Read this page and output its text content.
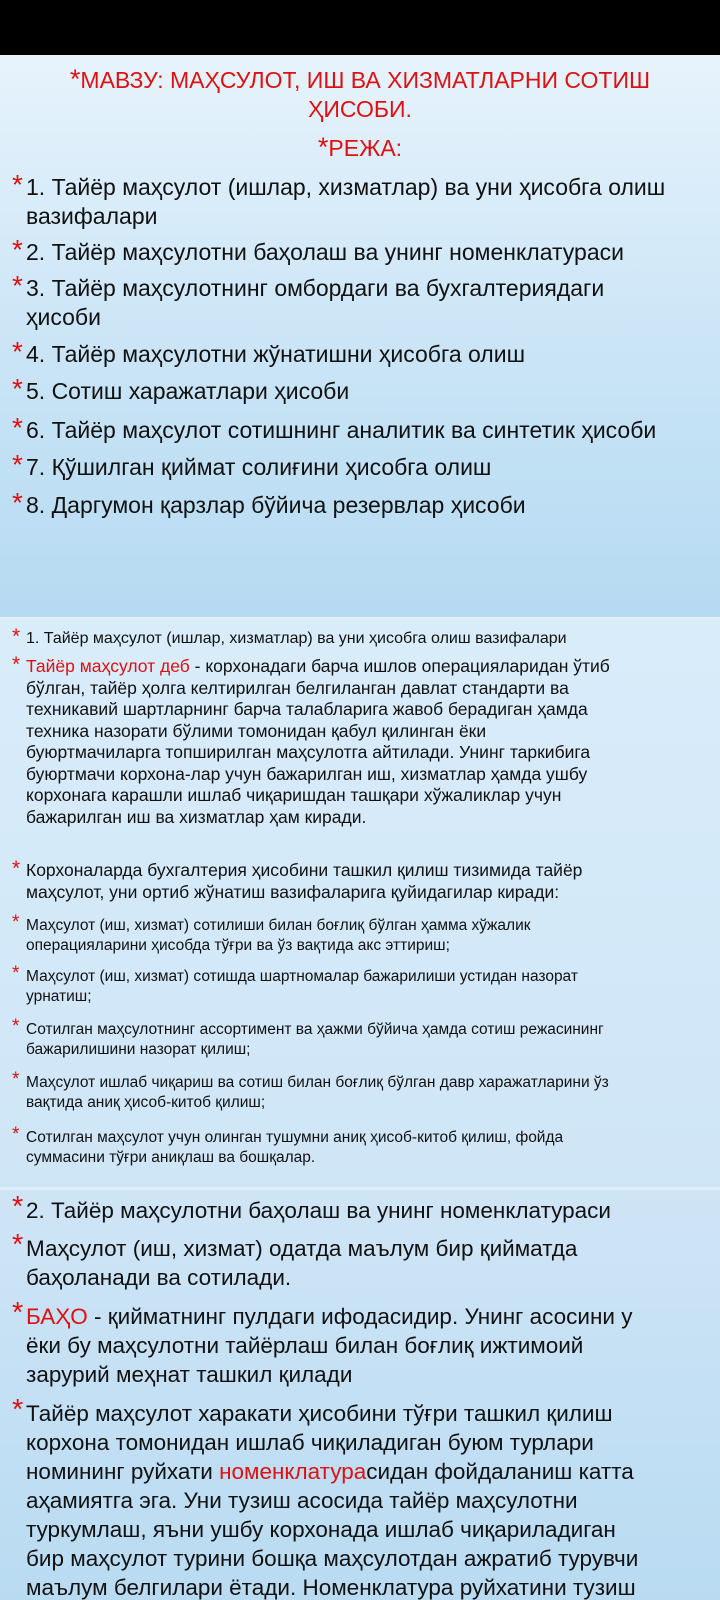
*МАВЗУ: МАҲСУЛОТ, ИШ ВА ХИЗМАТЛАРНИ СОТИШ
ҲИСОБИ.
*РЕЖА:
* 1. Тайёр маҳсулот (ишлар, хизматлар) ва уни ҳисобга олиш
вазифалари
* 2. Тайёр маҳсулотни баҳолаш ва унинг номенклатураси
* 3. Тайёр маҳсулотнинг омбордаги ва бухгалтериядаги
ҳисоби
* 4. Тайёр маҳсулотни жўнатишни ҳисобга олиш
* 5. Сотиш харажатлари ҳисоби
* 6. Тайёр маҳсулот сотишнинг аналитик ва синтетик ҳисоби
* 7. Қўшилган қиймат солиғини ҳисобга олиш
* 8. Даргумон қарзлар бўйича резервлар ҳисоби
* 1. Тайёр маҳсулот (ишлар, хизматлар) ва уни ҳисобга олиш вазифалари
* Тайёр маҳсулот деб - корхонадаги барча ишлов операцияларидан ўтиб
бўлган, тайёр ҳолга келтирилган белгиланган давлат стандарти ва
техникавий шартларнинг барча талабларига жавоб берадиган ҳамда
техника назорати бўлими томонидан қабул қилинган ёки
буюртмачиларга топширилган маҳсулотга айтилади. Унинг таркибига
буюртмачи корхона-лар учун бажарилган иш, хизматлар ҳамда ушбу
корхонага карашли ишлаб чиқаришдан ташқари хўжаликлар учун
бажарилган иш ва хизматлар ҳам киради.
* Корхоналарда бухгалтерия ҳисобини ташкил қилиш тизимида тайёр
маҳсулот, уни ортиб жўнатиш вазифаларига қуйидагилар киради:
* Маҳсулот (иш, хизмат) сотилиши билан боғлиқ бўлган ҳамма хўжалик
операцияларини ҳисобда тўғри ва ўз вақтида акс эттириш;
* Маҳсулот (иш, хизмат) сотишда шартномалар бажарилиши устидан назорат
урнатиш;
* Сотилган маҳсулотнинг ассортимент ва ҳажми бўйича ҳамда сотиш режасининг
бажарилишини назорат қилиш;
* Маҳсулот ишлаб чиқариш ва сотиш билан боғлиқ бўлган давр харажатларини ўз
вақтида аниқ ҳисоб-китоб қилиш;
* Сотилган маҳсулот учун олинган тушумни аниқ ҳисоб-китоб қилиш, фойда
суммасини тўғри аниқлаш ва бошқалар.
* 2. Тайёр маҳсулотни баҳолаш ва унинг номенклатураси
* Маҳсулот (иш, хизмат) одатда маълум бир қийматда
баҳоланади ва сотилади.
* БАҲО - қийматнинг пулдаги ифодасидир. Унинг асосини у
ёки бу маҳсулотни тайёрлаш билан боғлиқ ижтимоий
зарурий меҳнат ташкил қилади
* Тайёр маҳсулот харакати ҳисобини тўғри ташкил қилиш
корхона томонидан ишлаб чиқиладиган буюм турлари
номининг руйхати номенклатурасидан фойдаланиш катта
аҳамиятга эга. Уни тузиш асосида тайёр маҳсулотни
туркумлаш, яъни ушбу корхонада ишлаб чиқариладиган
бир маҳсулот турини бошқа маҳсулотдан ажратиб турувчи
маълум белгилари ётади. Номенклатура руйхатини тузиш
